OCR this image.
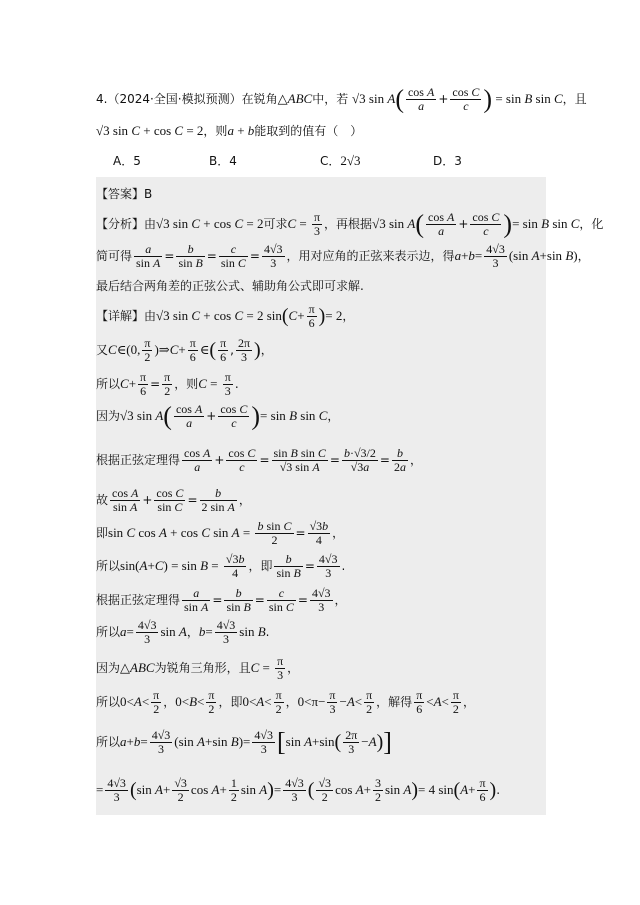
4.（2024·全国·模拟预测）在锐角△ABC中，若 √3 $\sin A( \frac{\text{cos A}}{a} + \frac{\text{cos C}}{c}$ ) = sin B sin C，且
√3 sin C + cos C = 2，则a + b能取到的值有（　）
A．5	B．4	C．2√3	D．3
【答案】B
【分析】由√3 sin C + cos C = 2可求$C = \frac{\pi}{3}$ ，再根据√3 $\sin A( \frac{\text{cos A}}{a} + \frac{\text{cos C}}{c}$ )= sin B sin C，化
简可得 $\frac{a}{\text{sin A}} = \frac{b}{\text{sin B}} = \frac{c}{\text{sin C}} = \frac{4√3}{3}$ ，用对应角的正弦来表示边，得$a+b= \frac{4√3}{3} (\sin$ A+sin B)，
最后结合两角差的正弦公式、辅助角公式即可求解.
【详解】由√3 sin C + cos C = 2 $\sin(C+ \frac{\pi}{6}$ )= 2，
又C∈(0, $\frac{\pi}{2}$ )⇒C+ $\frac{\pi}{6}$ ∈( $\frac{\pi}{6}$ , $\frac{2\pi}{3}$ )，
所以$C+ \frac{\pi}{6} = \frac{\pi}{2}$ ，则$C = \frac{\pi}{3}$ .
因为√3 $\sin A( \frac{\text{cos A}}{a} + \frac{\text{cos C}}{c}$ )= sin B sin C，
根据正弦定理得 $\frac{\text{cos A}}{a} + \frac{\text{cos C}}{c} = \frac{\text{sin B sin C}}{\text{√3 sin A}} = \frac{b\cdot√3/2}{√3a} = \frac{b}{2a}$ ，
故 $\frac{\text{cos A}}{\text{sin A}} + \frac{\text{cos C}}{\text{sin C}} = \frac{b}{\text{2 sin A}}$ ，
即sin C cos A + cos C $\sin A = \frac{\text{b sin C}}{2} = \frac{√3b}{4}$ ，
所以$\sin(A+C) = \sin B = \frac{√3b}{4}$ ，即 $\frac{b}{\text{sin B}} = \frac{4√3}{3}$ .
根据正弦定理得 $\frac{a}{\text{sin A}} = \frac{b}{\text{sin B}} = \frac{c}{\text{sin C}} = \frac{4√3}{3}$ ，
所以$a= \frac{4√3}{3}$ sin A，$b= \frac{4√3}{3}$ sin B.
因为△ABC为锐角三角形，且$C = \frac{\pi}{3}$ ，
所以$0<A< \frac{\pi}{2}$ ，$0<B< \frac{\pi}{2}$ ，即$0<A< \frac{\pi}{2}$ ，$0<\pi- \frac{\pi}{3} -A< \frac{\pi}{2}$ ，解得 $\frac{\pi}{6} <A< \frac{\pi}{2}$ ，
所以$a+b= \frac{4√3}{3} (\sin$ A+sin $B)= \frac{4√3}{3} [\sin$ $A+\sin( \frac{2\pi}{3} -A)$]
= $\frac{4√3}{3} (\sin$ $A+ \frac{√3}{2}$ $\cos A+ \frac{1}{2}$ $\sin A)= \frac{4√3}{3}$ ( $\frac{√3}{2}$ $\cos A+ \frac{3}{2}$ sin A)= 4 $\sin(A+ \frac{\pi}{6}$ ).
